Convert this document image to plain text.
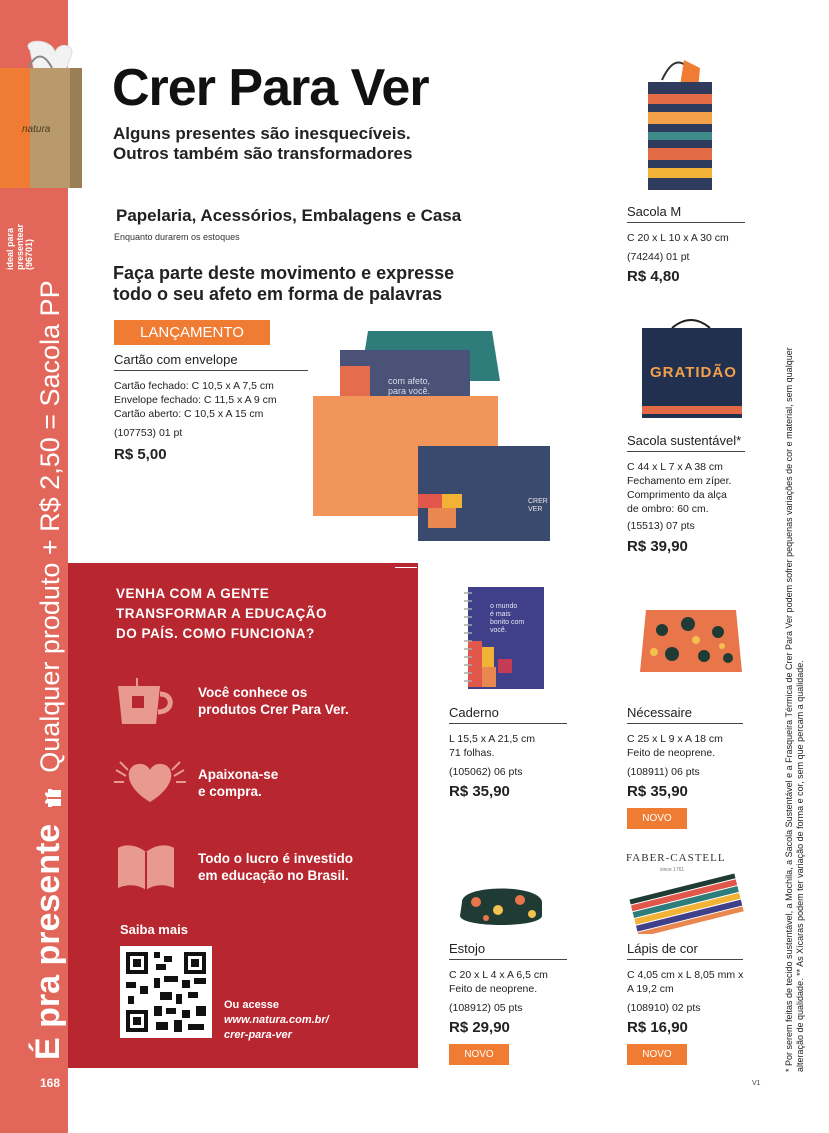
É pra presente  Qualquer produto + R$ 2,50 = Sacola PP
ideal para presentear (96701)
168
natura
Crer Para Ver
Alguns presentes são inesquecíveis.
Outros também são transformadores
Papelaria, Acessórios, Embalagens e Casa
Enquanto durarem os estoques
Faça parte deste movimento e expresse
todo o seu afeto em forma de palavras
LANÇAMENTO
Cartão com envelope
Cartão fechado: C 10,5 x A 7,5 cm
Envelope fechado: C 11,5 x A 9 cm
Cartão aberto: C 10,5 x A 15 cm
(107753) 01 pt
R$ 5,00
com afeto,
para você.
CRER
VER
Sacola M
C 20 x L 10 x A 30 cm
(74244) 01 pt
R$ 4,80
GRATIDÃO
Sacola sustentável*
C 44 x L 7 x A 38 cm
Fechamento em zíper.
Comprimento da alça
de ombro: 60 cm.
(15513) 07 pts
R$ 39,90
VENHA COM A GENTE
TRANSFORMAR A EDUCAÇÃO
DO PAÍS. COMO FUNCIONA?
Você conhece os
produtos Crer Para Ver.
Apaixona-se
e compra.
Todo o lucro é investido
em educação no Brasil.
Saiba mais
Ou acesse
www.natura.com.br/
crer-para-ver
o mundo
é mais
bonito com
você.
Caderno
L 15,5 x A 21,5 cm
71 folhas.
(105062) 06 pts
R$ 35,90
Nécessaire
C 25 x L 9 x A 18 cm
Feito de neoprene.
(108911) 06 pts
R$ 35,90
NOVO
Estojo
C 20 x L 4 x A 6,5 cm
Feito de neoprene.
(108912) 05 pts
R$ 29,90
NOVO
FABER-CASTELL
since 1761
Lápis de cor
C 4,05 cm x L 8,05 mm x
A 19,2 cm
(108910) 02 pts
R$ 16,90
NOVO	* Por serem feitas de tecido sustentável, a Mochila, a Sacola Sustentável e a Frasqueira Térmica de Crer Para Ver podem sofrer pequenas variações de cor e material, sem qualquer alteração de qualidade. ** As Xícaras podem ter variação de forma e cor, sem que percam a qualidade.
V1
